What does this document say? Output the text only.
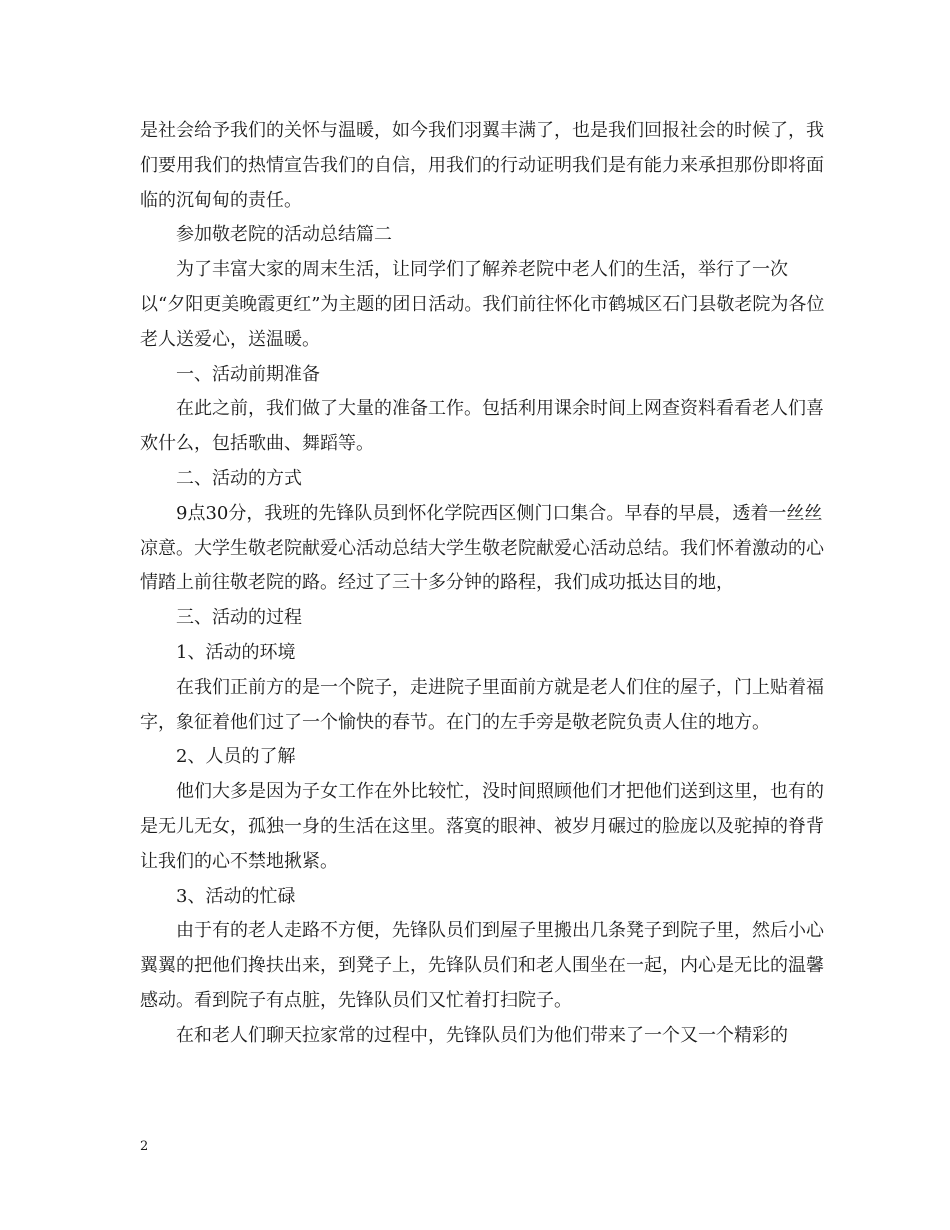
是社会给予我们的关怀与温暖，如今我们羽翼丰满了，也是我们回报社会的时候了，我们要用我们的热情宣告我们的自信，用我们的行动证明我们是有能力来承担那份即将面临的沉甸甸的责任。

参加敬老院的活动总结篇二

为了丰富大家的周末生活，让同学们了解养老院中老人们的生活，举行了一次以“夕阳更美晚霞更红”为主题的团日活动。我们前往怀化市鹤城区石门县敬老院为各位老人送爱心，送温暖。

一、活动前期准备

在此之前，我们做了大量的准备工作。包括利用课余时间上网查资料看看老人们喜欢什么，包括歌曲、舞蹈等。

二、活动的方式

9点30分，我班的先锋队员到怀化学院西区侧门口集合。早春的早晨，透着一丝丝凉意。大学生敬老院献爱心活动总结大学生敬老院献爱心活动总结。我们怀着激动的心情踏上前往敬老院的路。经过了三十多分钟的路程，我们成功抵达目的地，

三、活动的过程

1、活动的环境

在我们正前方的是一个院子，走进院子里面前方就是老人们住的屋子，门上贴着福字，象征着他们过了一个愉快的春节。在门的左手旁是敬老院负责人住的地方。

2、人员的了解

他们大多是因为子女工作在外比较忙，没时间照顾他们才把他们送到这里，也有的是无儿无女，孤独一身的生活在这里。落寞的眼神、被岁月碾过的脸庞以及驼掉的脊背让我们的心不禁地揪紧。

3、活动的忙碌

由于有的老人走路不方便，先锋队员们到屋子里搬出几条凳子到院子里，然后小心翼翼的把他们搀扶出来，到凳子上，先锋队员们和老人围坐在一起，内心是无比的温馨感动。看到院子有点脏，先锋队员们又忙着打扫院子。

在和老人们聊天拉家常的过程中，先锋队员们为他们带来了一个又一个精彩的

2
